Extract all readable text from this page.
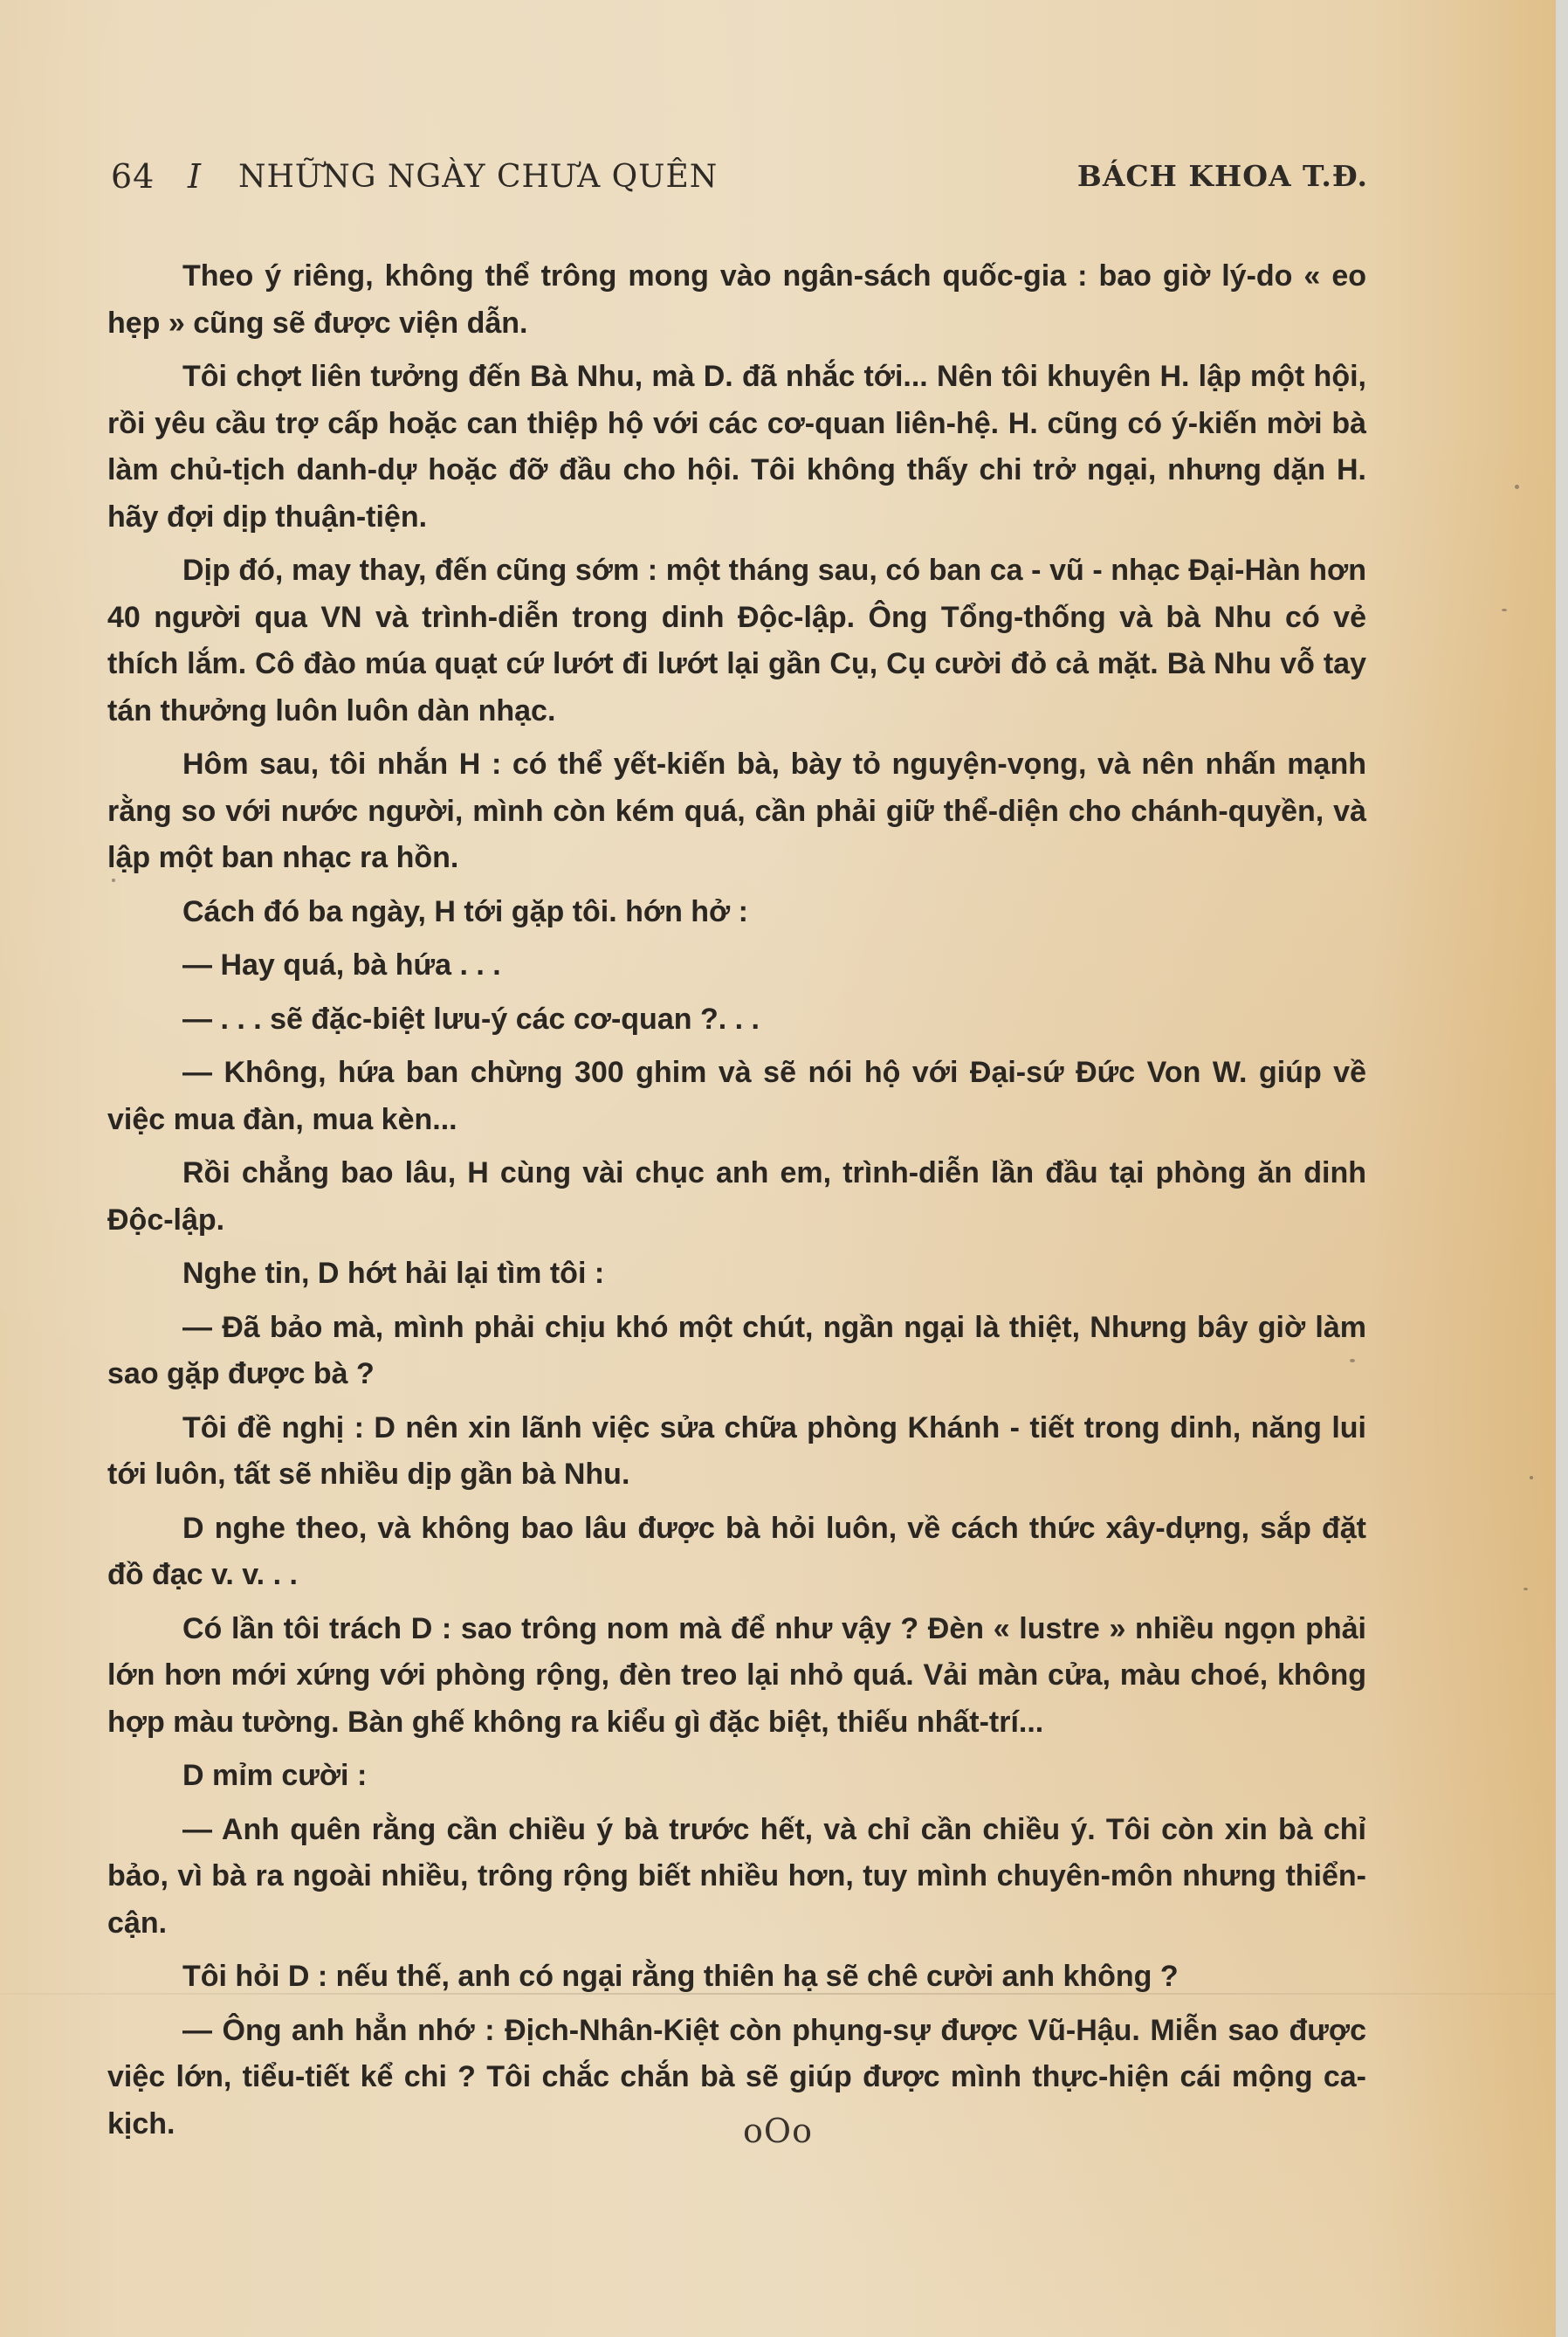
64 I NHỮNG NGÀY CHƯA QUÊN	BÁCH KHOA T.Đ.

Theo ý riêng, không thể trông mong vào ngân-sách quốc-gia : bao giờ lý-do « eo hẹp » cũng sẽ được viện dẫn.

Tôi chợt liên tưởng đến Bà Nhu, mà D. đã nhắc tới... Nên tôi khuyên H. lập một hội, rồi yêu cầu trợ cấp hoặc can thiệp hộ với các cơ-quan liên-hệ. H. cũng có ý-kiến mời bà làm chủ-tịch danh-dự hoặc đỡ đầu cho hội. Tôi không thấy chi trở ngại, nhưng dặn H. hãy đợi dịp thuận-tiện.

Dịp đó, may thay, đến cũng sớm : một tháng sau, có ban ca - vũ - nhạc Đại-Hàn hơn 40 người qua VN và trình-diễn trong dinh Độc-lập. Ông Tổng-thống và bà Nhu có vẻ thích lắm. Cô đào múa quạt cứ lướt đi lướt lại gần Cụ, Cụ cười đỏ cả mặt. Bà Nhu vỗ tay tán thưởng luôn luôn dàn nhạc.

Hôm sau, tôi nhắn H : có thể yết-kiến bà, bày tỏ nguyện-vọng, và nên nhấn mạnh rằng so với nước người, mình còn kém quá, cần phải giữ thể-diện cho chánh-quyền, và lập một ban nhạc ra hồn.

Cách đó ba ngày, H tới gặp tôi. hớn hở :

— Hay quá, bà hứa . . .

— . . . sẽ đặc-biệt lưu-ý các cơ-quan ?. . .

— Không, hứa ban chừng 300 ghim và sẽ nói hộ với Đại-sứ Đức Von W. giúp về việc mua đàn, mua kèn...

Rồi chẳng bao lâu, H cùng vài chục anh em, trình-diễn lần đầu tại phòng ăn dinh Độc-lập.

Nghe tin, D hớt hải lại tìm tôi :

— Đã bảo mà, mình phải chịu khó một chút, ngần ngại là thiệt, Nhưng bây giờ làm sao gặp được bà ?

Tôi đề nghị : D nên xin lãnh việc sửa chữa phòng Khánh - tiết trong dinh, năng lui tới luôn, tất sẽ nhiều dịp gần bà Nhu.

D nghe theo, và không bao lâu được bà hỏi luôn, về cách thức xây-dựng, sắp đặt đồ đạc v. v. . .

Có lần tôi trách D : sao trông nom mà để như vậy ? Đèn « lustre » nhiều ngọn phải lớn hơn mới xứng với phòng rộng, đèn treo lại nhỏ quá. Vải màn cửa, màu choé, không hợp màu tường. Bàn ghế không ra kiểu gì đặc biệt, thiếu nhất-trí...

D mỉm cười :

— Anh quên rằng cần chiều ý bà trước hết, và chỉ cần chiều ý. Tôi còn xin bà chỉ bảo, vì bà ra ngoài nhiều, trông rộng biết nhiều hơn, tuy mình chuyên-môn nhưng thiển-cận.

Tôi hỏi D : nếu thế, anh có ngại rằng thiên hạ sẽ chê cười anh không ?

— Ông anh hẳn nhớ : Địch-Nhân-Kiệt còn phụng-sự được Vũ-Hậu. Miễn sao được việc lớn, tiểu-tiết kể chi ? Tôi chắc chắn bà sẽ giúp được mình thực-hiện cái mộng ca-kịch.	oOo
